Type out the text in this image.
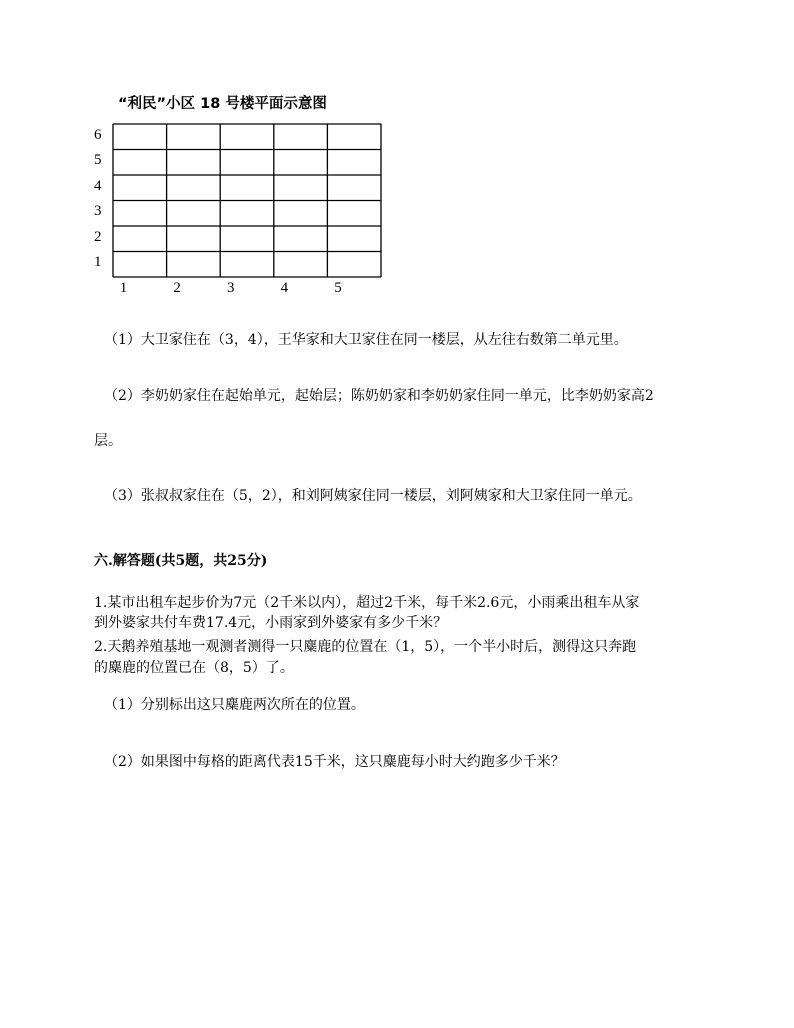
“利民”小区 18 号楼平面示意图
6
5
4
3
2
1
1	2	3	4	5
（1）大卫家住在（3，4），王华家和大卫家住在同一楼层，从左往右数第二单元里。
（2）李奶奶家住在起始单元，起始层；陈奶奶家和李奶奶家住同一单元，比李奶奶家高2
层。
（3）张叔叔家住在（5，2），和刘阿姨家住同一楼层，刘阿姨家和大卫家住同一单元。
六.解答题(共5题，共25分)
1.某市出租车起步价为7元（2千米以内），超过2千米，每千米2.6元，小雨乘出租车从家
到外婆家共付车费17.4元，小雨家到外婆家有多少千米？
2.天鹅养殖基地一观测者测得一只麋鹿的位置在（1，5），一个半小时后，测得这只奔跑
的麋鹿的位置已在（8，5）了。
（1）分别标出这只麋鹿两次所在的位置。
（2）如果图中每格的距离代表15千米，这只麋鹿每小时大约跑多少千米？
